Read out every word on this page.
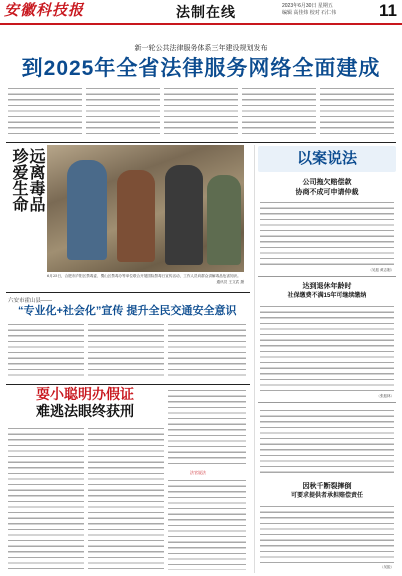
安徽科技报	法制在线	2023年6月30日 星期五
编辑 高佳炜 校对 石仁伟	11
新一轮公共法律服务体系三年建设规划发布
到2025年全省法律服务网络全面建成
珍爱生命 远离毒品
6月25日，合肥市庐阳区禁毒委、蜀山区禁毒办等单位联合开展国际禁毒日宣传活动，工作人员向群众讲解毒品危害知识。
通讯员 王文武 摄
六安市霍山县——
“专业化+社会化”宣传 提升全民交通安全意识
耍小聪明办假证
难逃法眼终获刑
法官说法
以案说法
公司拖欠赔偿款
协商不成可申请仲裁
（吴振 黄志刚）
达到退休年龄时
社保缴费不满15年可继续缴纳
（张振林）
因秋千断裂摔倒
可要求提供者承担赔偿责任
（吴振）
